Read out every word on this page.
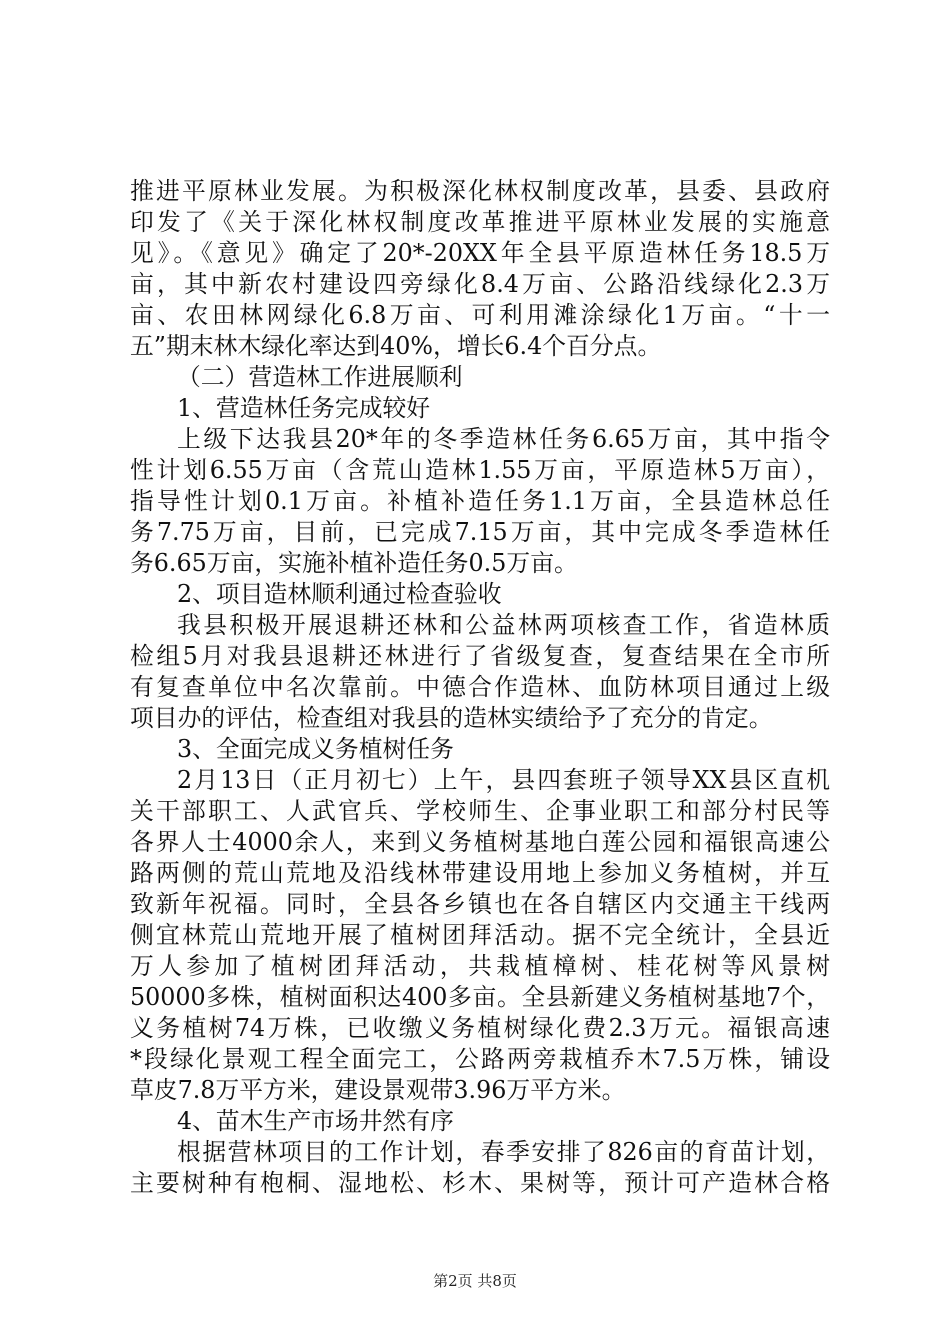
推进平原林业发展。为积极深化林权制度改革，县委、县政府
印发了《关于深化林权制度改革推进平原林业发展的实施意
见》。《意见》确定了20*-20XX年全县平原造林任务18.5万
亩，其中新农村建设四旁绿化8.4万亩、公路沿线绿化2.3万
亩、农田林网绿化6.8万亩、可利用滩涂绿化1万亩。“十一
五”期末林木绿化率达到40%，增长6.4个百分点。
（二）营造林工作进展顺利
1、营造林任务完成较好
上级下达我县20*年的冬季造林任务6.65万亩，其中指令
性计划6.55万亩（含荒山造林1.55万亩，平原造林5万亩），
指导性计划0.1万亩。补植补造任务1.1万亩，全县造林总任
务7.75万亩，目前，已完成7.15万亩，其中完成冬季造林任
务6.65万亩，实施补植补造任务0.5万亩。
2、项目造林顺利通过检查验收
我县积极开展退耕还林和公益林两项核查工作，省造林质
检组5月对我县退耕还林进行了省级复查，复查结果在全市所
有复查单位中名次靠前。中德合作造林、血防林项目通过上级
项目办的评估，检查组对我县的造林实绩给予了充分的肯定。
3、全面完成义务植树任务
2月13日（正月初七）上午，县四套班子领导XX县区直机
关干部职工、人武官兵、学校师生、企事业职工和部分村民等
各界人士4000余人，来到义务植树基地白莲公园和福银高速公
路两侧的荒山荒地及沿线林带建设用地上参加义务植树，并互
致新年祝福。同时，全县各乡镇也在各自辖区内交通主干线两
侧宜林荒山荒地开展了植树团拜活动。据不完全统计，全县近
万人参加了植树团拜活动，共栽植樟树、桂花树等风景树
50000多株，植树面积达400多亩。全县新建义务植树基地7个，
义务植树74万株，已收缴义务植树绿化费2.3万元。福银高速
*段绿化景观工程全面完工，公路两旁栽植乔木7.5万株，铺设
草皮7.8万平方米，建设景观带3.96万平方米。
4、苗木生产市场井然有序
根据营林项目的工作计划，春季安排了826亩的育苗计划，
主要树种有枹桐、湿地松、杉木、果树等，预计可产造林合格
第2页 共8页
